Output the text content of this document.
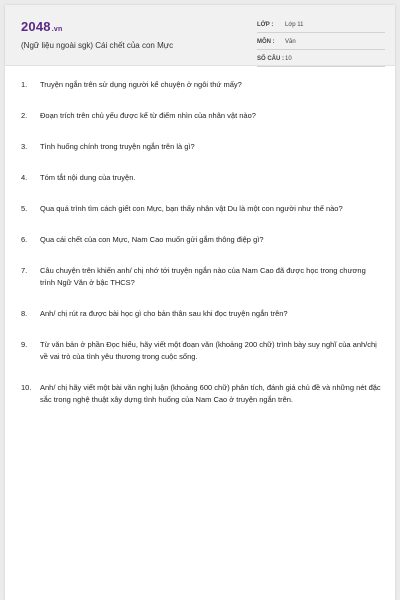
2048.vn
(Ngữ liệu ngoài sgk) Cái chết của con Mực
LỚP : Lớp 11
MÔN : Văn
SỐ CÂU : 10
1.	Truyện ngắn trên sử dụng người kể chuyện ở ngôi thứ mấy?
2.	Đoạn trích trên chủ yếu được kể từ điểm nhìn của nhân vật nào?
3.	Tình huống chính trong truyện ngắn trên là gì?
4.	Tóm tắt nội dung của truyện.
5.	Qua quá trình tìm cách giết con Mực, bạn thấy nhân vật Du là một con người như thế nào?
6.	Qua cái chết của con Mực, Nam Cao muốn gửi gắm thông điệp gì?
7.	Câu chuyện trên khiến anh/ chị nhớ tới truyện ngắn nào của Nam Cao đã được học trong chương trình Ngữ Văn ở bậc THCS?
8.	Anh/ chị rút ra được bài học gì cho bản thân sau khi đọc truyện ngắn trên?
9.	Từ văn bản ở phần Đọc hiểu, hãy viết một đoạn văn (khoảng 200 chữ) trình bày suy nghĩ của anh/chị về vai trò của tình yêu thương trong cuộc sống.
10.	Anh/ chị hãy viết một bài văn nghị luận (khoảng 600 chữ) phân tích, đánh giá chủ đề và những nét đặc sắc trong nghệ thuật xây dựng tình huống của Nam Cao ở truyện ngắn trên.
